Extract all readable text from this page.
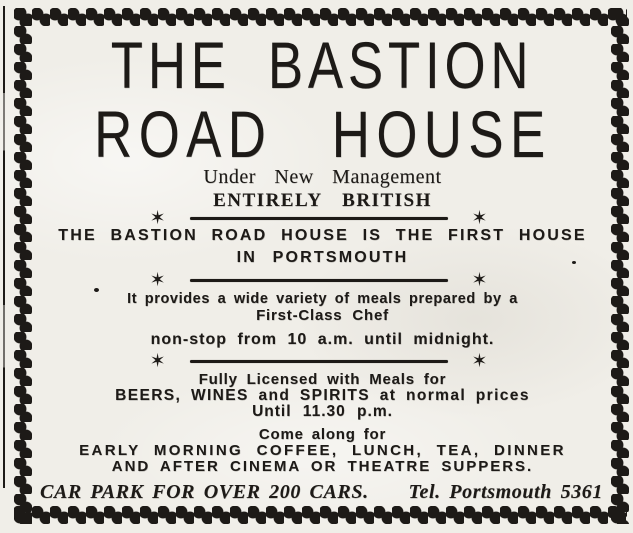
THE BASTION
ROAD HOUSE
Under New Management
ENTIRELY BRITISH
✶	✶
THE BASTION ROAD HOUSE IS THE FIRST HOUSE
IN PORTSMOUTH
✶	✶
It provides a wide variety of meals prepared by a
First-Class Chef
non-stop from 10 a.m. until midnight.
✶	✶
Fully Licensed with Meals for
BEERS, WINES and SPIRITS at normal prices
Until 11.30 p.m.
Come along for
EARLY MORNING COFFEE, LUNCH, TEA, DINNER
AND AFTER CINEMA OR THEATRE SUPPERS.
CAR PARK FOR OVER 200 CARS. Tel. Portsmouth 5361
